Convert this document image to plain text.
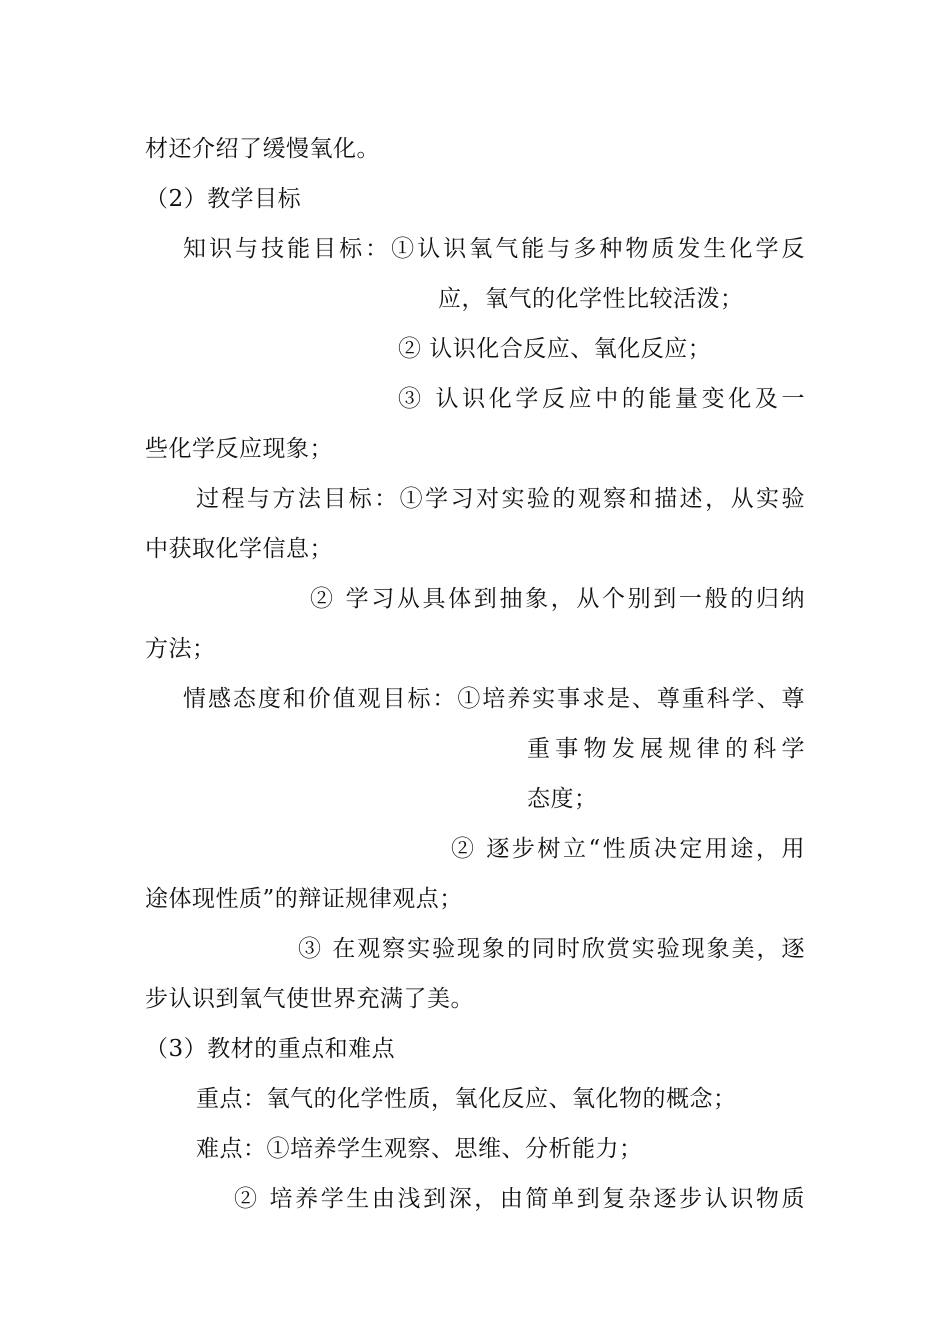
材还介绍了缓慢氧化。
（2）教学目标
知识与技能目标：①认识氧气能与多种物质发生化学反
应，氧气的化学性比较活泼；
② 认识化合反应、氧化反应；
③ 认识化学反应中的能量变化及一
些化学反应现象；
过程与方法目标：①学习对实验的观察和描述，从实验
中获取化学信息；
② 学习从具体到抽象，从个别到一般的归纳
方法；
情感态度和价值观目标：①培养实事求是、尊重科学、尊
重事物发展规律的科学
态度；
② 逐步树立“性质决定用途，用
途体现性质”的辩证规律观点；
③ 在观察实验现象的同时欣赏实验现象美，逐
步认识到氧气使世界充满了美。
（3）教材的重点和难点
重点：氧气的化学性质，氧化反应、氧化物的概念；
难点：①培养学生观察、思维、分析能力；
② 培养学生由浅到深，由简单到复杂逐步认识物质
